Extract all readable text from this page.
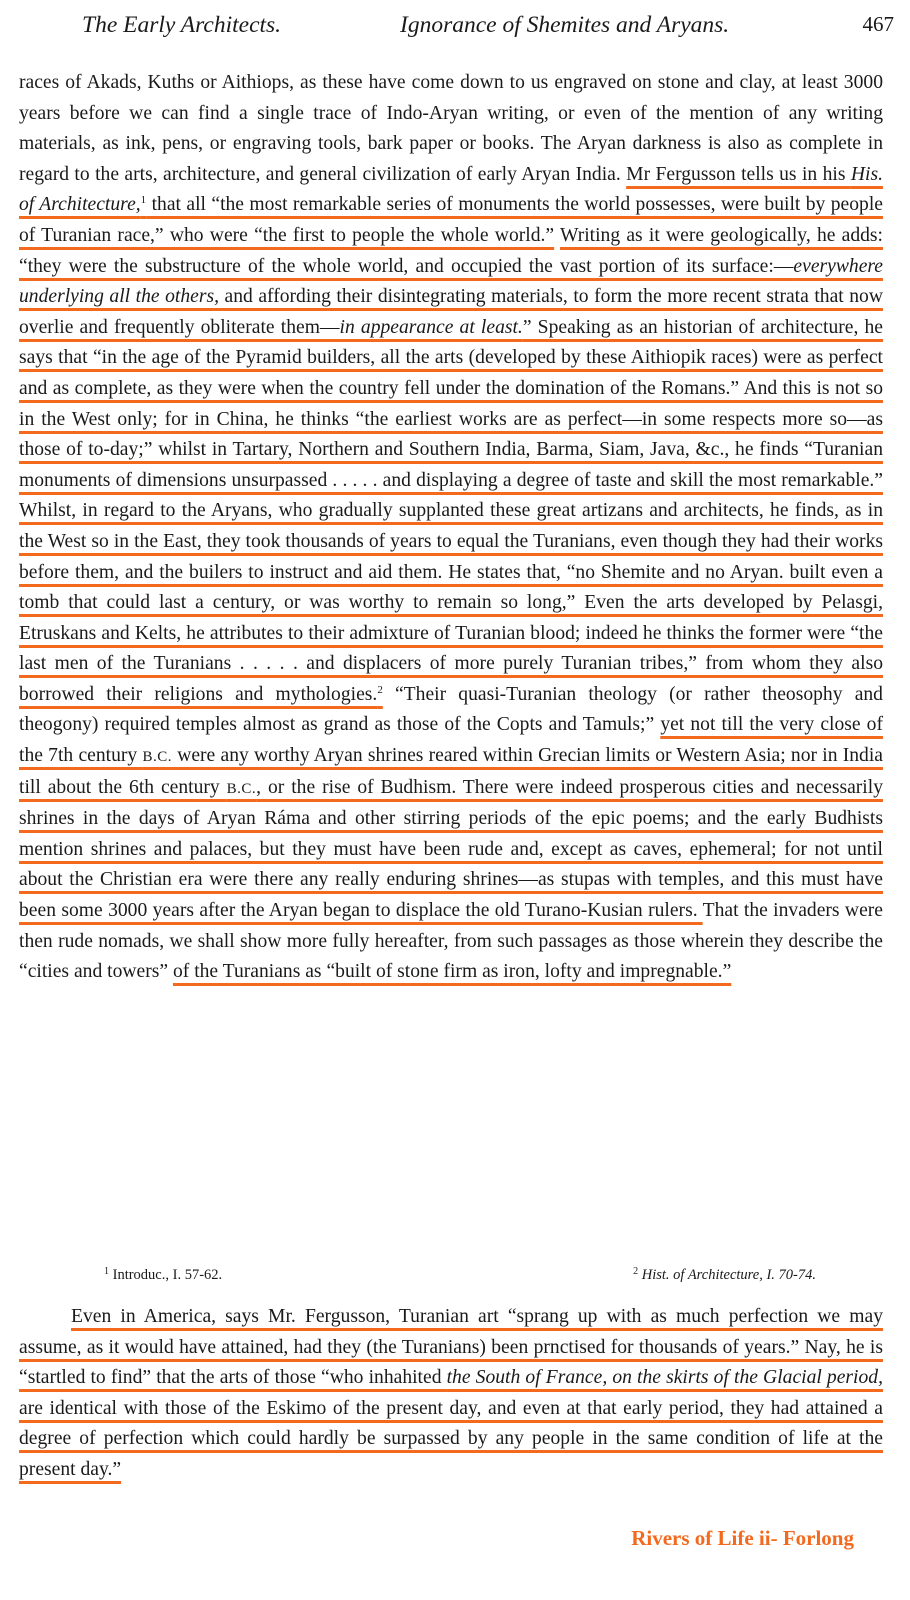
The Early Architects.	Ignorance of Shemites and Aryans.	467

races of Akads, Kuths or Aithiops, as these have come down to us engraved on stone and clay, at least 3000 years before we can find a single trace of Indo-Aryan writing, or even of the mention of any writing materials, as ink, pens, or engraving tools, bark paper or books. The Aryan darkness is also as complete in regard to the arts, architecture, and general civilization of early Aryan India. Mr Fergusson tells us in his His. of Architecture,$^1$ that all “the most remarkable series of monuments the world possesses, were built by people of Turanian race,” who were “the first to people the whole world.” Writing as it were geologically, he adds: “they were the substructure of the whole world, and occupied the vast portion of its surface:—everywhere underlying all the others, and affording their disintegrating materials, to form the more recent strata that now overlie and frequently obliterate them—in appearance at least.” Speaking as an historian of architecture, he says that “in the age of the Pyramid builders, all the arts (developed by these Aithiopik races) were as perfect and as complete, as they were when the country fell under the domination of the Romans.” And this is not so in the West only; for in China, he thinks “the earliest works are as perfect—in some respects more so—as those of to-day;” whilst in Tartary, Northern and Southern India, Barma, Siam, Java, &c., he finds “Turanian monuments of dimensions unsurpassed . . . . . and displaying a degree of taste and skill the most remarkable.” Whilst, in regard to the Aryans, who gradually supplanted these great artizans and architects, he finds, as in the West so in the East, they took thousands of years to equal the Turanians, even though they had their works before them, and the builers to instruct and aid them. He states that, “no Shemite and no Aryan. built even a tomb that could last a century, or was worthy to remain so long,” Even the arts developed by Pelasgi, Etruskans and Kelts, he attributes to their admixture of Turanian blood; indeed he thinks the former were “the last men of the Turanians . . . . . and displacers of more purely Turanian tribes,” from whom they also borrowed their religions and mythologies.$^2$ “Their quasi-Turanian theology (or rather theosophy and theogony) required temples almost as grand as those of the Copts and Tamuls;” yet not till the very close of the 7th century B.C. were any worthy Aryan shrines reared within Grecian limits or Western Asia; nor in India till about the 6th century B.C., or the rise of Budhism. There were indeed prosperous cities and necessarily shrines in the days of Aryan Ráma and other stirring periods of the epic poems; and the early Budhists mention shrines and palaces, but they must have been rude and, except as caves, ephemeral; for not until about the Christian era were there any really enduring shrines—as stupas with temples, and this must have been some 3000 years after the Aryan began to displace the old Turano-Kusian rulers. That the invaders were then rude nomads, we shall show more fully hereafter, from such passages as those wherein they describe the “cities and towers” of the Turanians as “built of stone firm as iron, lofty and impregnable.”

$^1$ Introduc., I. 57-62.	$^2$ Hist. of Architecture, I. 70-74.

Even in America, says Mr. Fergusson, Turanian art “sprang up with as much perfection we may assume, as it would have attained, had they (the Turanians) been prnctised for thousands of years.” Nay, he is “startled to find” that the arts of those “who inhahited the South of France, on the skirts of the Glacial period, are identical with those of the Eskimo of the present day, and even at that early period, they had attained a degree of perfection which could hardly be surpassed by any people in the same condition of life at the present day.”

Rivers of Life ii- Forlong
